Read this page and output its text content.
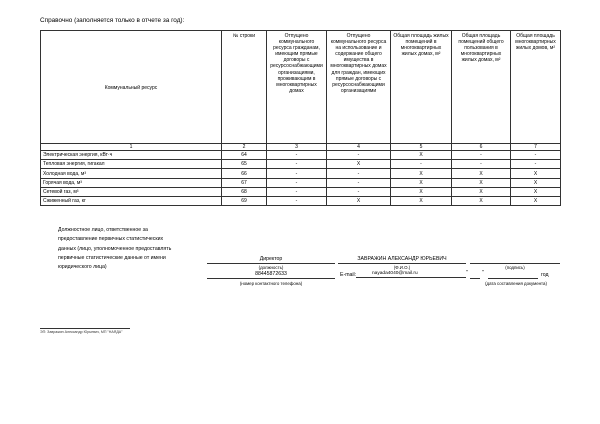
Справочно (заполняется только в отчете за год):
Коммунальный ресурс	№ строки	Отпущено коммунального ресурса гражданам, имеющим прямые договоры с ресурсоснабжающими организациями, проживающим в многоквартирных домах	Отпущено коммунального ресурса на использование и содержание общего имущества в многоквартирных домах для граждан, имеющих прямые договоры с ресурсоснабжающими организациями	Общая площадь жилых помещений в многоквартирных жилых домах, м²	Общая площадь помещений общего пользования в многоквартирных жилых домах, м²	Общая площадь многоквартирных жилых домов, м²
1	2	3	4	5	6	7
Электрическая энергия, кВт·ч	64	-	-	X	-	-
Тепловая энергия, гигакал	65	-	X	-	-	-
Холодная вода, м³	66	-	-	X	X	X
Горячая вода, м³	67	-	-	X	X	X
Сетевой газ, м³	68	-	-	X	X	X
Сжиженный газ, кг	69	-	X	X	X	X
Должностное лицо, ответственное за предоставление первичных статистических данных (лицо, уполномоченное предоставлять первичные статистические данные от имени юридического лица)
Директор
(должность)
ЗАВРАЖИН АЛЕКСАНДР ЮРЬЕВИЧ
(Ф.И.О.)	(подпись)
88445872633
(номер контактного телефона)
E-mail:	nayada4040@mail.ru	"	"	год
(дата составления документа)
ЭП: Завражин Александр Юрьевич, МП "НАЯДА"
